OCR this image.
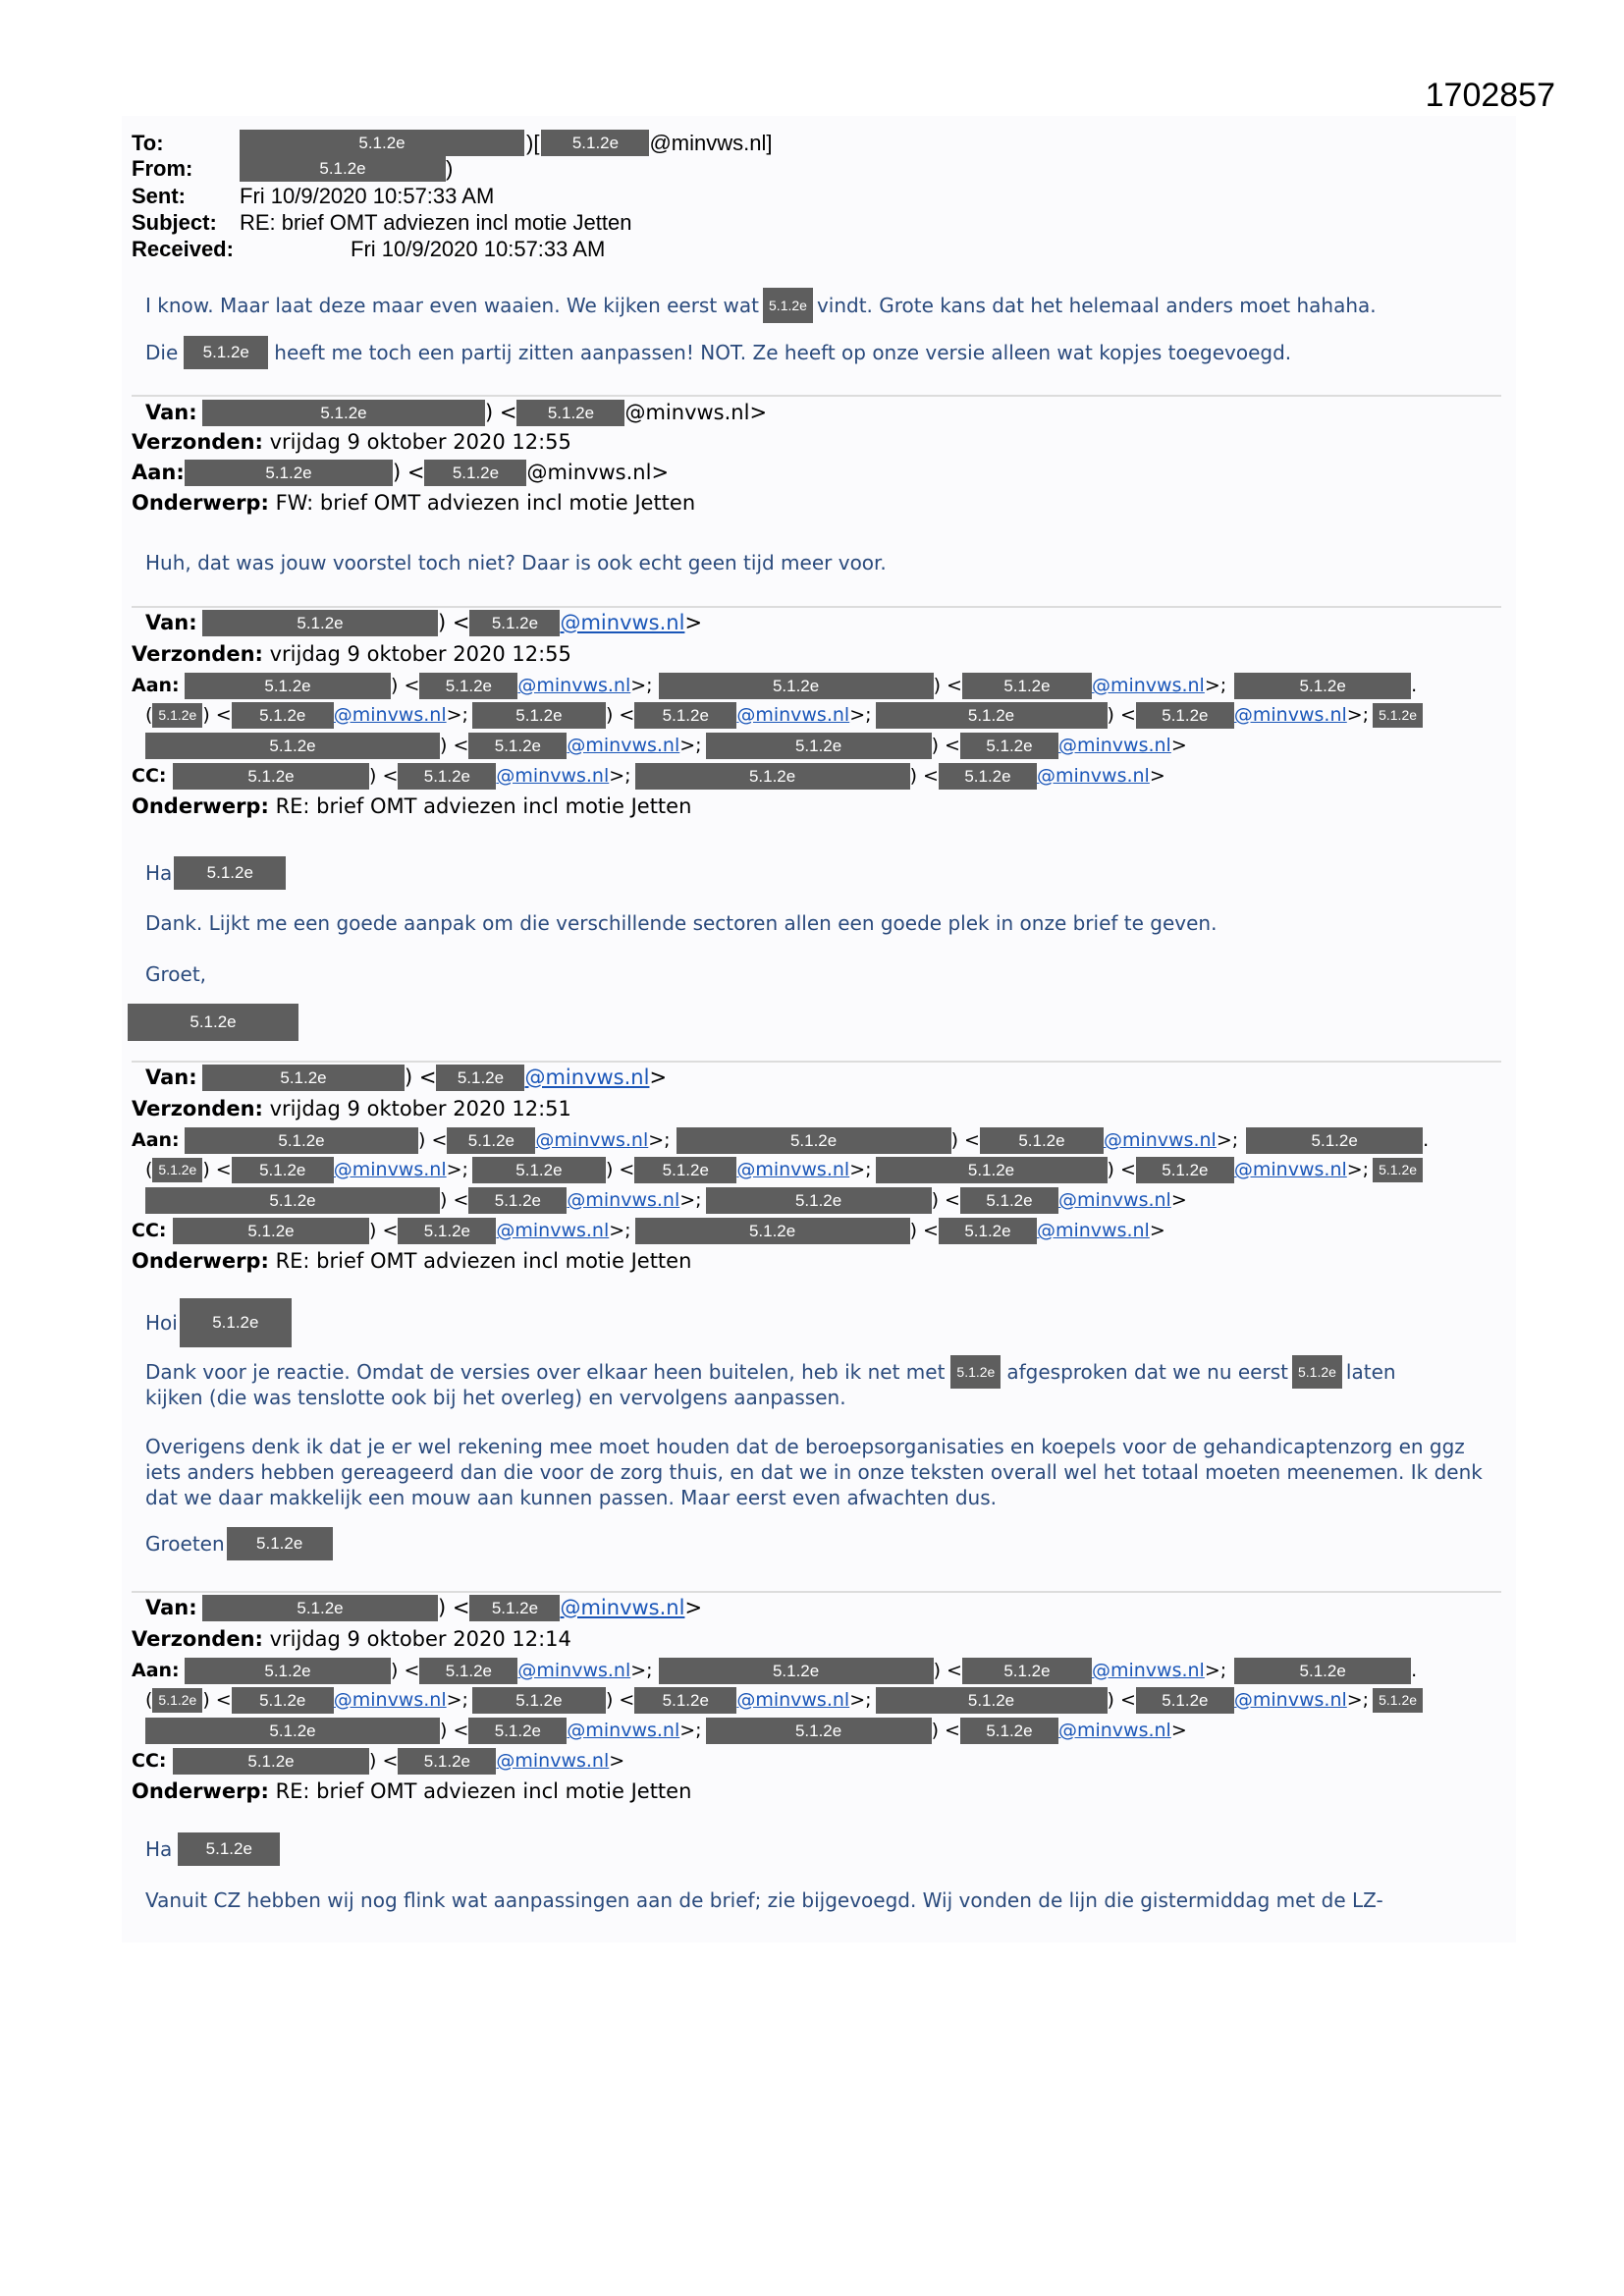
1702857
To:	5.1.2e	)[	5.1.2e	@minvws.nl]
From:	5.1.2e	)
Sent:	Fri 10/9/2020 10:57:33 AM
Subject:	RE: brief OMT adviezen incl motie Jetten
Received:	Fri 10/9/2020 10:57:33 AM
I know. Maar laat deze maar even waaien. We kijken eerst wat 5.1.2e vindt. Grote kans dat het helemaal anders moet hahaha.
Die	5.1.2e	heeft me toch een partij zitten aanpassen! NOT. Ze heeft op onze versie alleen wat kopjes toegevoegd.
Van:	5.1.2e	) <	5.1.2e	@minvws.nl >
Verzonden:
vrijdag 9 oktober 2020 12:55
Aan:	5.1.2e	) <	5.1.2e	@minvws.nl >
Onderwerp:
FW: brief OMT adviezen incl motie Jetten
Huh, dat was jouw voorstel toch niet? Daar is ook echt geen tijd meer voor.
Van:	5.1.2e	) <	5.1.2e	@minvws.nl >
Verzonden:
vrijdag 9 oktober 2020 12:55
Aan:	5.1.2e	) <	5.1.2e	@minvws.nl >;	5.1.2e	) <	5.1.2e	@minvws.nl >;	5.1.2e	.
( 5.1.2e ) <	5.1.2e	@minvws.nl >;	5.1.2e	) <	5.1.2e	@minvws.nl >;	5.1.2e	) <	5.1.2e	@minvws.nl >; 5.1.2e
5.1.2e	) <	5.1.2e	@minvws.nl >;	5.1.2e	) <	5.1.2e	@minvws.nl >
CC:	5.1.2e	) <	5.1.2e	@minvws.nl >;	5.1.2e	) <	5.1.2e	@minvws.nl >
Onderwerp:
RE: brief OMT adviezen incl motie Jetten
Ha	5.1.2e
Dank. Lijkt me een goede aanpak om die verschillende sectoren allen een goede plek in onze brief te geven.
Groet,
5.1.2e
Van:	5.1.2e	) <	5.1.2e	@minvws.nl >
Verzonden:
vrijdag 9 oktober 2020 12:51
Aan:	5.1.2e	) <	5.1.2e	@minvws.nl >;	5.1.2e	) <	5.1.2e	@minvws.nl >;	5.1.2e	.
( 5.1.2e ) <	5.1.2e	@minvws.nl >;	5.1.2e	) <	5.1.2e	@minvws.nl >;	5.1.2e	) <	5.1.2e	@minvws.nl >; 5.1.2e
5.1.2e	) <	5.1.2e	@minvws.nl >;	5.1.2e	) <	5.1.2e	@minvws.nl >
CC:	5.1.2e	) <	5.1.2e	@minvws.nl >;	5.1.2e	) <	5.1.2e	@minvws.nl >
Onderwerp:
RE: brief OMT adviezen incl motie Jetten
Hoi	5.1.2e
Dank voor je reactie. Omdat de versies over elkaar heen buitelen, heb ik net met 5.1.2e afgesproken dat we nu eerst 5.1.2e laten
kijken (die was tenslotte ook bij het overleg) en vervolgens aanpassen.
Overigens denk ik dat je er wel rekening mee moet houden dat de beroepsorganisaties en koepels voor de gehandicaptenzorg en ggz iets anders hebben gereageerd dan die voor de zorg thuis, en dat we in onze teksten overall wel het totaal moeten meenemen. Ik denk dat we daar makkelijk een mouw aan kunnen passen. Maar eerst even afwachten dus.
Groeten	5.1.2e
Van:	5.1.2e	) <	5.1.2e	@minvws.nl >
Verzonden:
vrijdag 9 oktober 2020 12:14
Aan:	5.1.2e	) <	5.1.2e	@minvws.nl >;	5.1.2e	) <	5.1.2e	@minvws.nl >;	5.1.2e	.
( 5.1.2e ) <	5.1.2e	@minvws.nl >;	5.1.2e	) <	5.1.2e	@minvws.nl >;	5.1.2e	) <	5.1.2e	@minvws.nl >; 5.1.2e
5.1.2e	) <	5.1.2e	@minvws.nl >;	5.1.2e	) <	5.1.2e	@minvws.nl >
CC:	5.1.2e	) <	5.1.2e	@minvws.nl >
Onderwerp:
RE: brief OMT adviezen incl motie Jetten
Ha	5.1.2e
Vanuit CZ hebben wij nog flink wat aanpassingen aan de brief; zie bijgevoegd. Wij vonden de lijn die gistermiddag met de LZ-
